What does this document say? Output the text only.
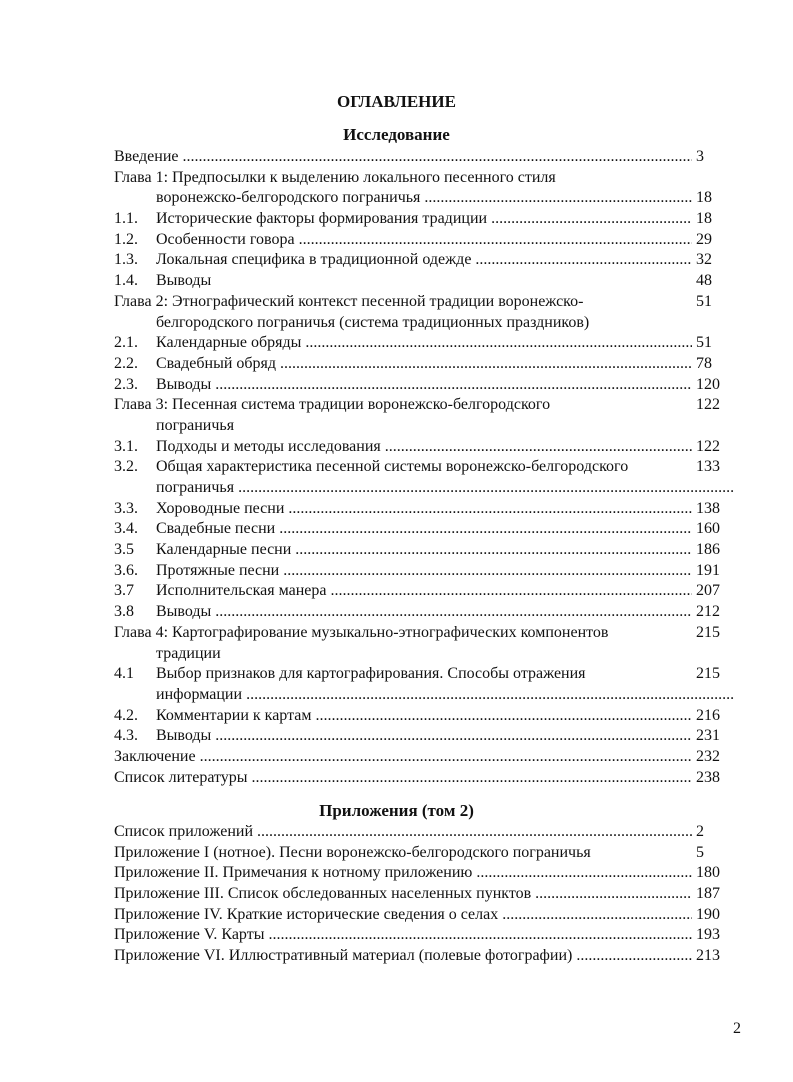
ОГЛАВЛЕНИЕ
Исследование
Введение .....	3
Глава 1: Предпосылки к выделению локального песенного стиля
воронежско-белгородского пограничья .....	18
1.1. Исторические факторы формирования традиции .....	18
1.2. Особенности говора .....	29
1.3. Локальная специфика в традиционной одежде .....	32
1.4. Выводы	48
Глава 2: Этнографический контекст песенной традиции воронежско-	51
белгородского пограничья (система традиционных праздников)
2.1. Календарные обряды .....	51
2.2. Свадебный обряд .....	78
2.3. Выводы .....	120
Глава 3: Песенная система традиции воронежско-белгородского	122
пограничья
3.1. Подходы и методы исследования .....	122
3.2. Общая характеристика песенной системы воронежско-белгородского	133
пограничья .....
3.3. Хороводные песни .....	138
3.4. Свадебные песни .....	160
3.5 Календарные песни .....	186
3.6. Протяжные песни .....	191
3.7 Исполнительская манера .....	207
3.8 Выводы .....	212
Глава 4: Картографирование музыкально-этнографических компонентов	215
традиции
4.1 Выбор признаков для картографирования. Способы отражения	215
информации .....
4.2. Комментарии к картам .....	216
4.3. Выводы .....	231
Заключение .....	232
Список литературы .....	238
Приложения (том 2)
Список приложений .....	2
Приложение I (нотное). Песни воронежско-белгородского пограничья	5
Приложение II. Примечания к нотному приложению .....	180
Приложение III. Список обследованных населенных пунктов .....	187
Приложение IV. Краткие исторические сведения о селах .....	190
Приложение V. Карты .....	193
Приложение VI. Иллюстративный материал (полевые фотографии) .....	213
2
